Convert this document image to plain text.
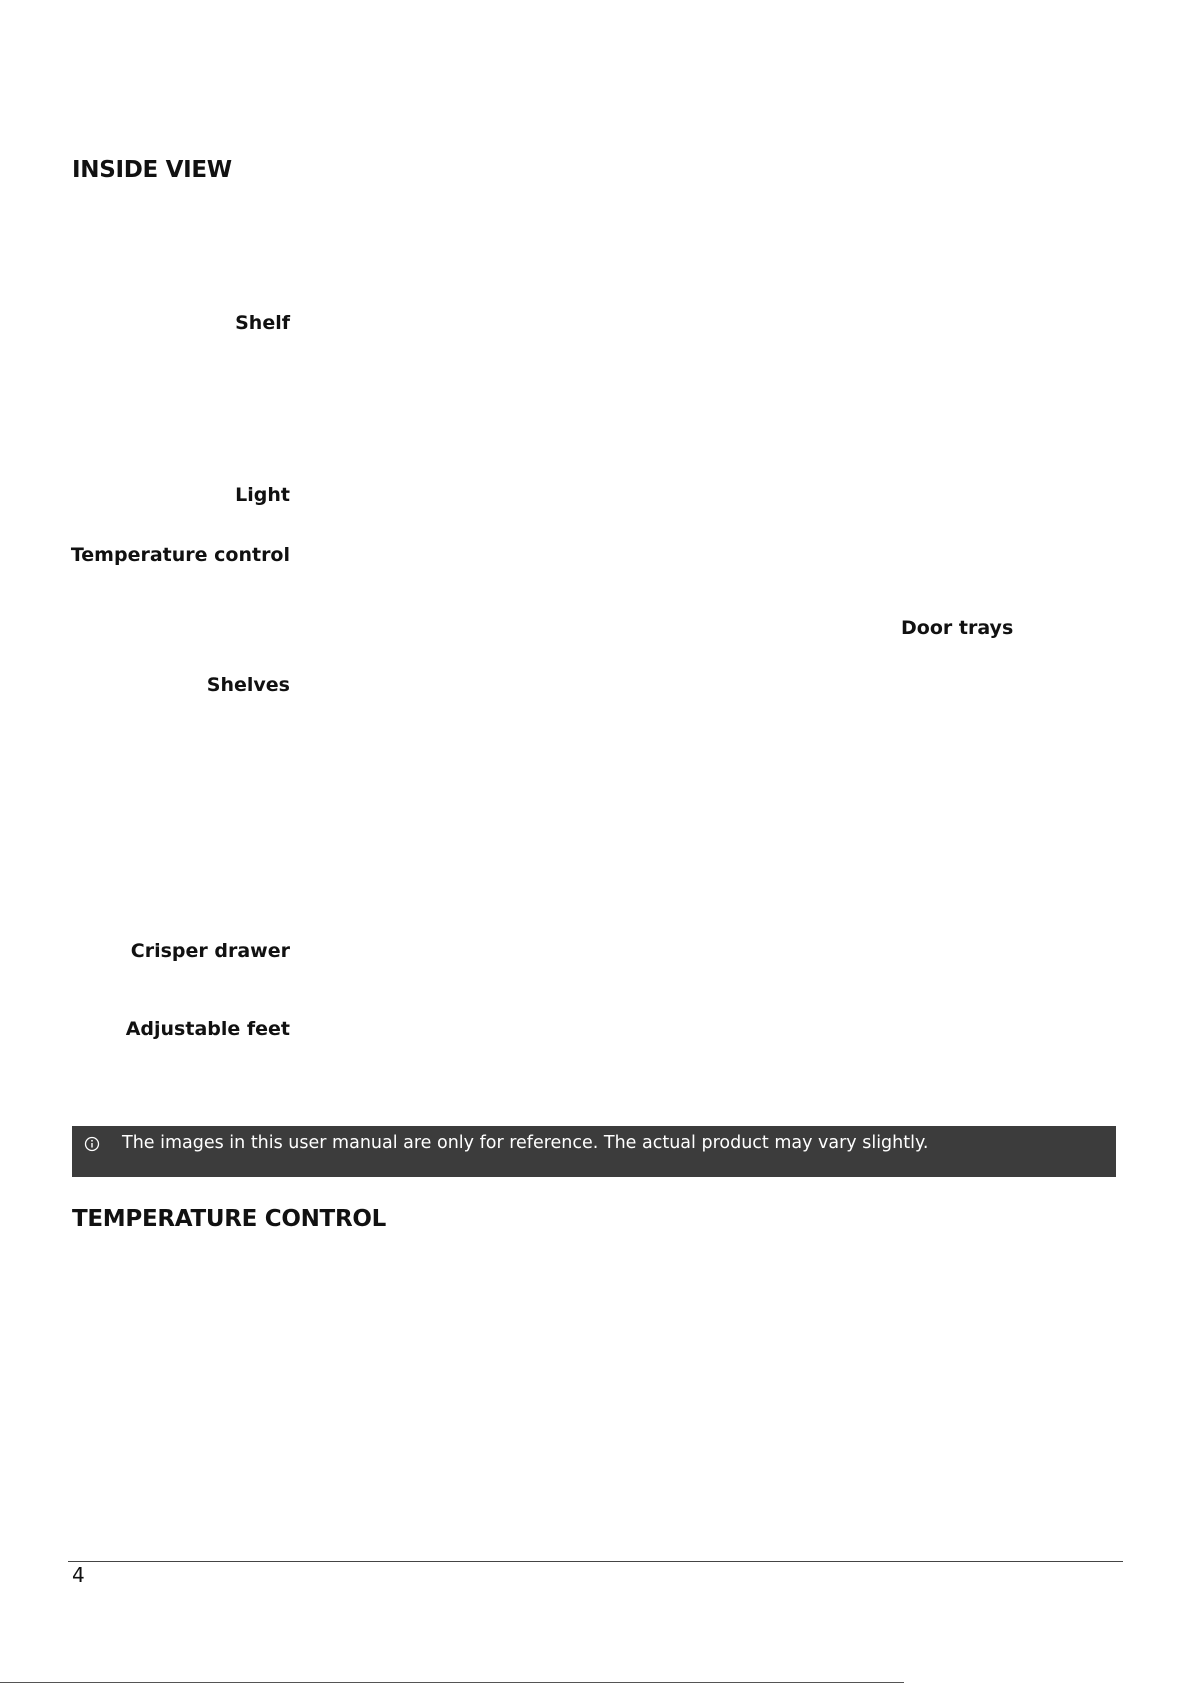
INSIDE VIEW
Shelf
Light
Temperature control
Shelves
Crisper drawer
Adjustable feet
Door trays
The images in this user manual are only for reference. The actual product may vary slightly.
TEMPERATURE CONTROL
4
